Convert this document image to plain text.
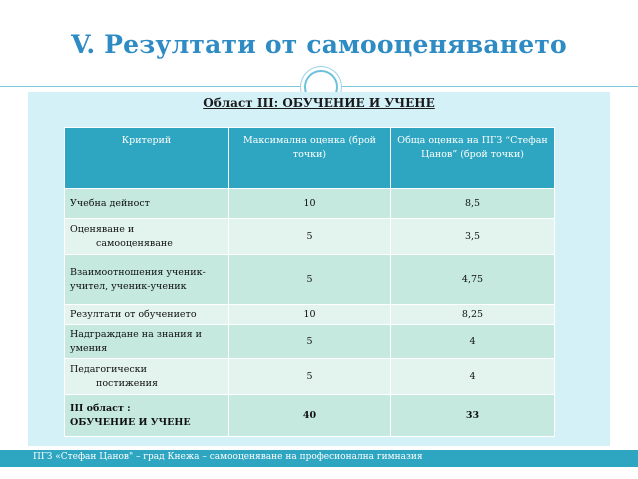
V. Резултати от самооценяването
Област III: ОБУЧЕНИЕ И УЧЕНЕ
Критерий	Максимална оценка (брой точки)	Обща оценка на ПГЗ “Стефан Цанов” (брой точки)
Учебна дейност	10	8,5

Оценяване и
самооценяване	5	3,5
Взаимоотношения ученик-учител, ученик-ученик	5	4,75
Резултати от обучението	10	8,25
Надграждане на знания и умения	5	4

Педагогически
постижения	5	4

III област :
ОБУЧЕНИЕ И УЧЕНЕ	40	33
ПГЗ «Стефан Цанов" – град Кнежа – самооценяване на професионална гимназия
